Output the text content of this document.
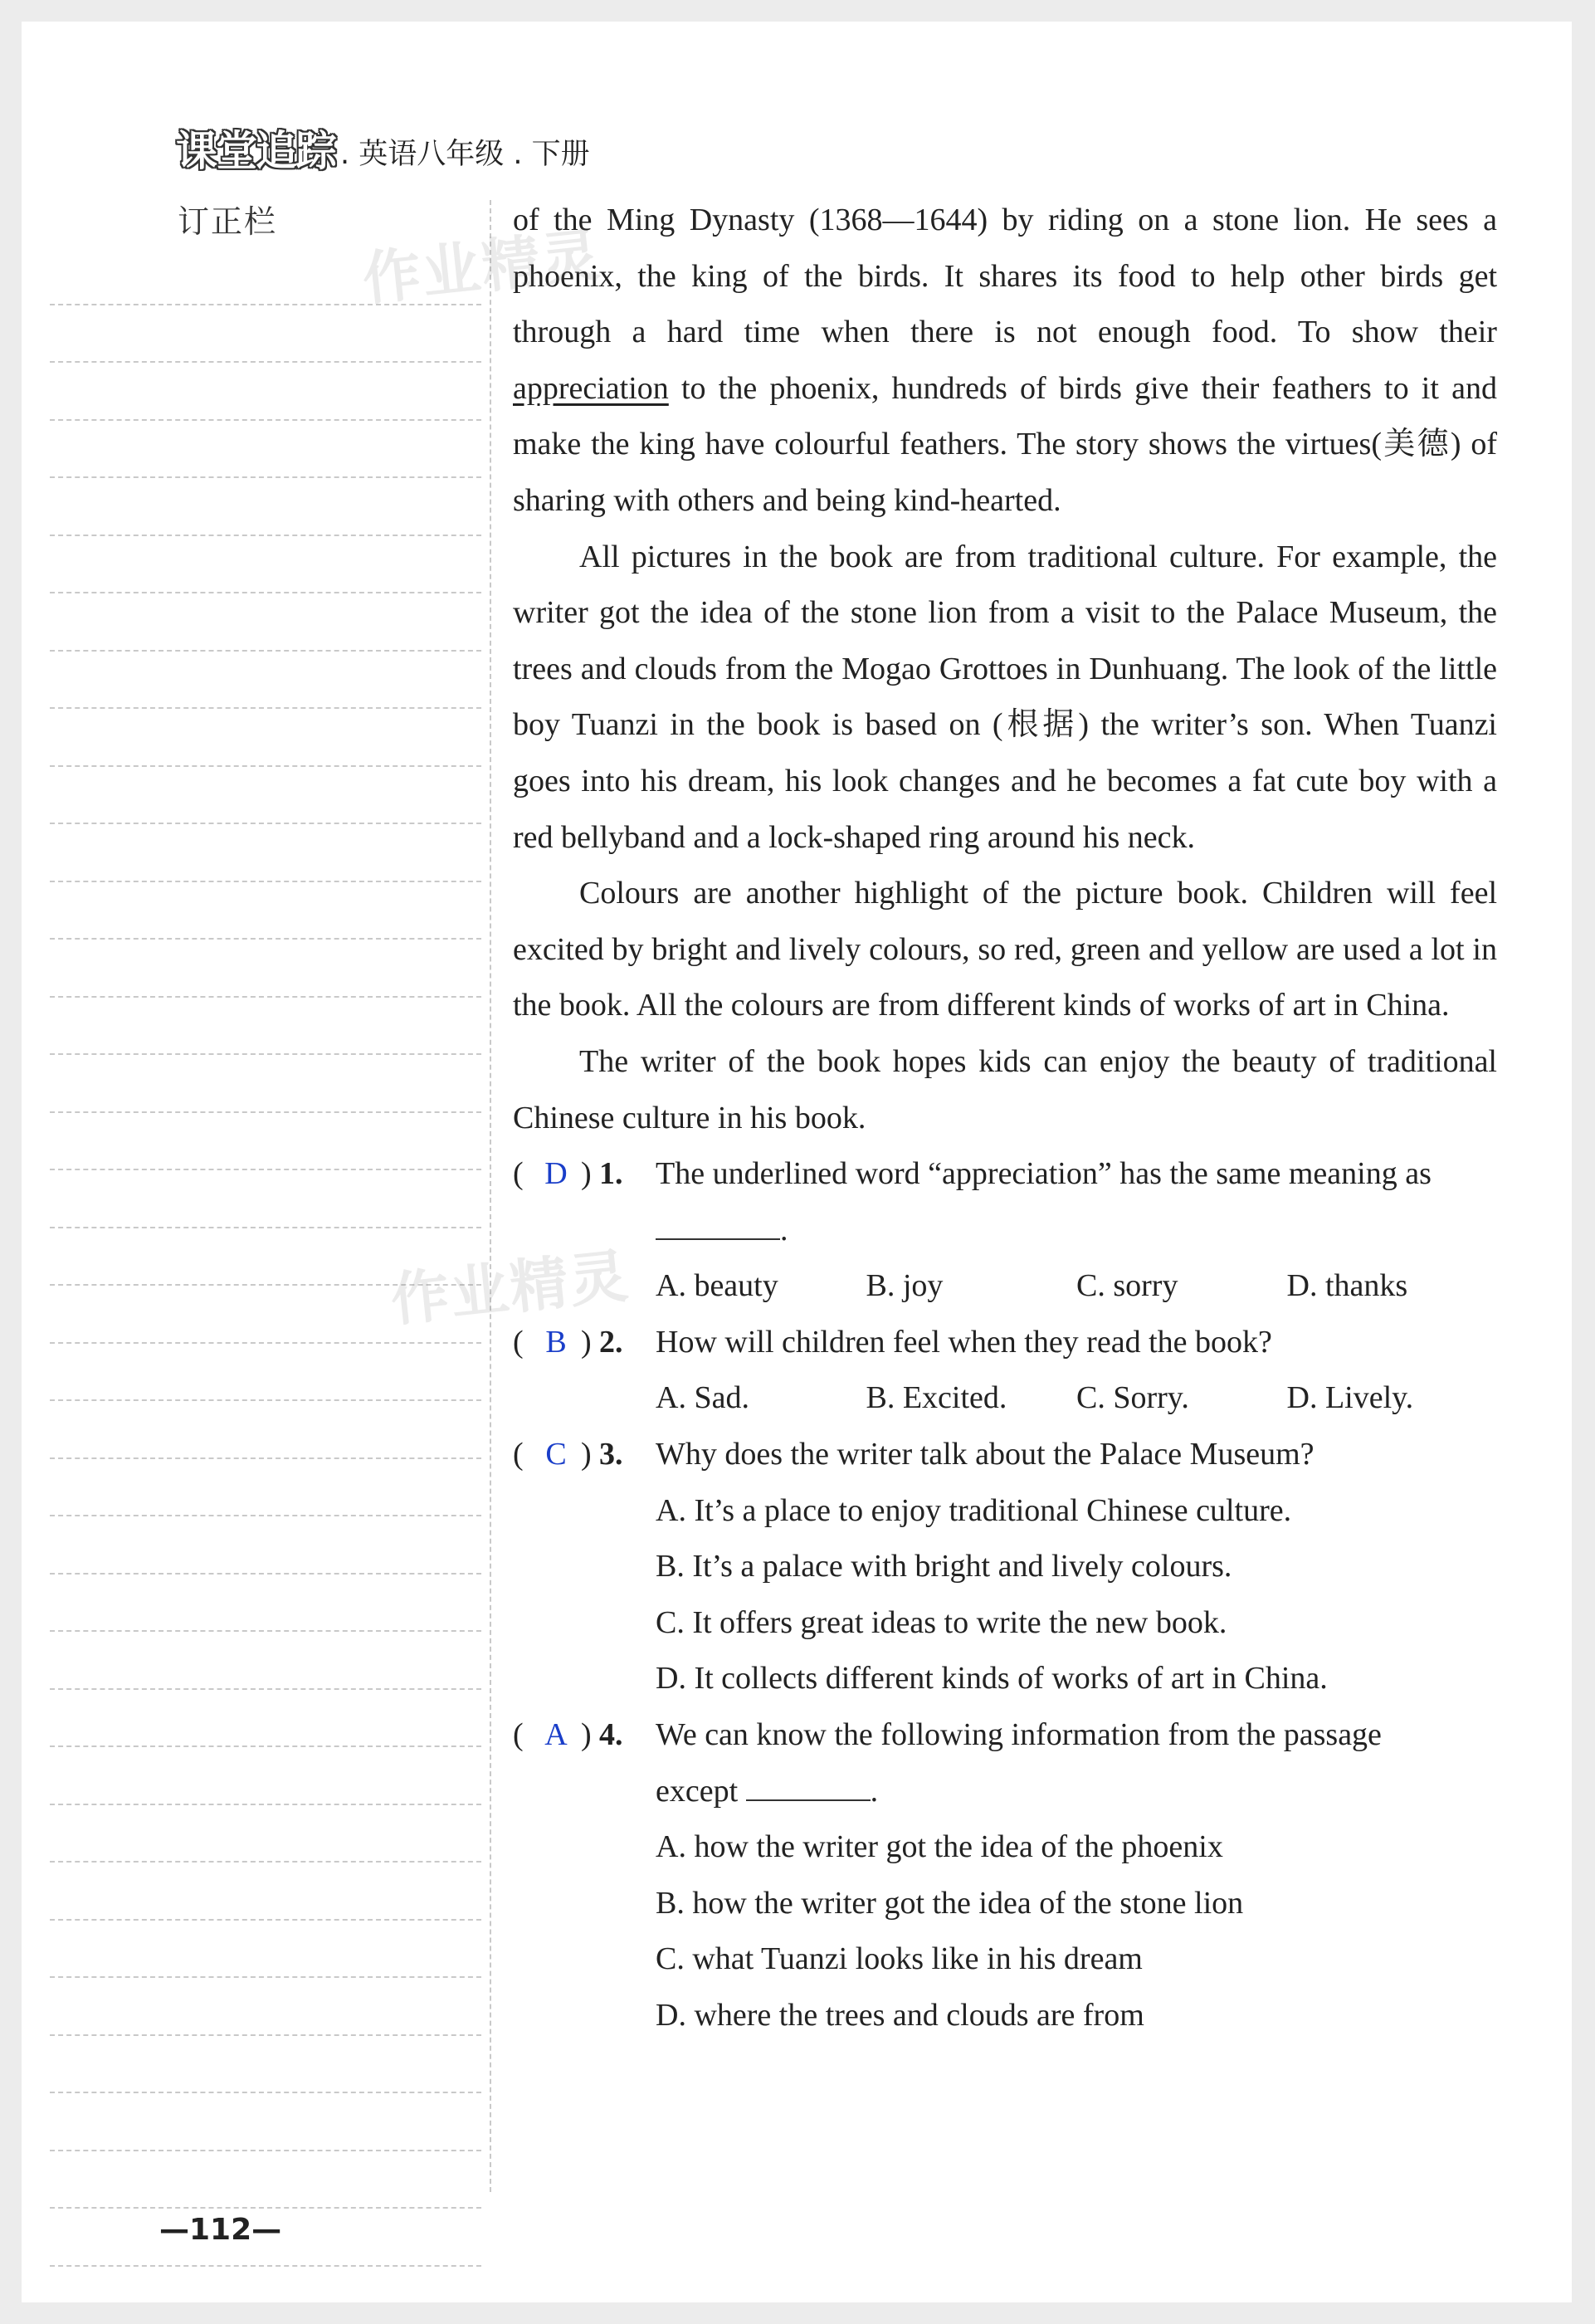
课堂追踪 . 英语八年级 . 下册
订正栏	of the Ming Dynasty (1368—1644) by riding on a stone lion. He sees a phoenix, the king of the birds. It shares its food to help other birds get through a hard time when there is not enough food. To show their appreciation to the phoenix, hundreds of birds give their feathers to it and make the king have colourful feathers. The story shows the virtues(美德) of sharing with others and being kind-hearted.

All pictures in the book are from traditional culture. For example, the writer got the idea of the stone lion from a visit to the Palace Museum, the trees and clouds from the Mogao Grottoes in Dunhuang. The look of the little boy Tuanzi in the book is based on (根据) the writer’s son. When Tuanzi goes into his dream, his look changes and he becomes a fat cute boy with a red bellyband and a lock-shaped ring around his neck.

Colours are another highlight of the picture book. Children will feel excited by bright and lively colours, so red, green and yellow are used a lot in the book. All the colours are from different kinds of works of art in China.

The writer of the book hopes kids can enjoy the beauty of traditional Chinese culture in his book.

( D ) 1. The underlined word “appreciation” has the same meaning as
.
A. beauty	B. joy	C. sorry	D. thanks
( B ) 2. How will children feel when they read the book?
A. Sad.	B. Excited.	C. Sorry.	D. Lively.
( C ) 3. Why does the writer talk about the Palace Museum?
A. It’s a place to enjoy traditional Chinese culture.
B. It’s a palace with bright and lively colours.
C. It offers great ideas to write the new book.
D. It collects different kinds of works of art in China.
( A ) 4. We can know the following information from the passage
except	.
A. how the writer got the idea of the phoenix
B. how the writer got the idea of the stone lion
C. what Tuanzi looks like in his dream
D. where the trees and clouds are from
作业精灵
作业精灵
—112—
